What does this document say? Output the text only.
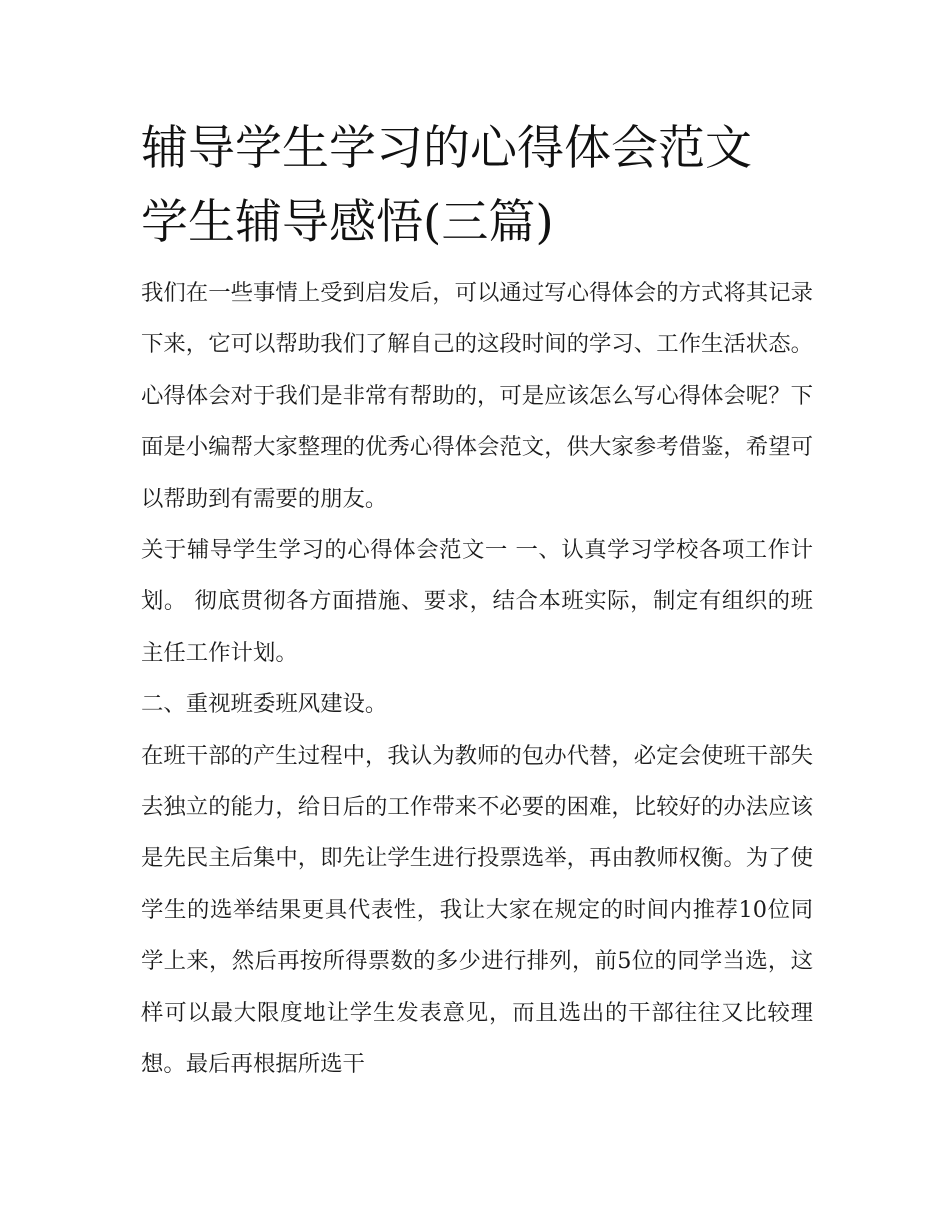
辅导学生学习的心得体会范文
学生辅导感悟(三篇)

我们在一些事情上受到启发后，可以通过写心得体会的方式将其记录下来，它可以帮助我们了解自己的这段时间的学习、工作生活状态。心得体会对于我们是非常有帮助的，可是应该怎么写心得体会呢？下面是小编帮大家整理的优秀心得体会范文，供大家参考借鉴，希望可以帮助到有需要的朋友。

关于辅导学生学习的心得体会范文一 一、认真学习学校各项工作计划。 彻底贯彻各方面措施、要求，结合本班实际，制定有组织的班主任工作计划。

二、重视班委班风建设。

在班干部的产生过程中，我认为教师的包办代替，必定会使班干部失去独立的能力，给日后的工作带来不必要的困难，比较好的办法应该是先民主后集中，即先让学生进行投票选举，再由教师权衡。为了使学生的选举结果更具代表性，我让大家在规定的时间内推荐10位同学上来，然后再按所得票数的多少进行排列，前5位的同学当选，这样可以最大限度地让学生发表意见，而且选出的干部往往又比较理想。最后再根据所选干
